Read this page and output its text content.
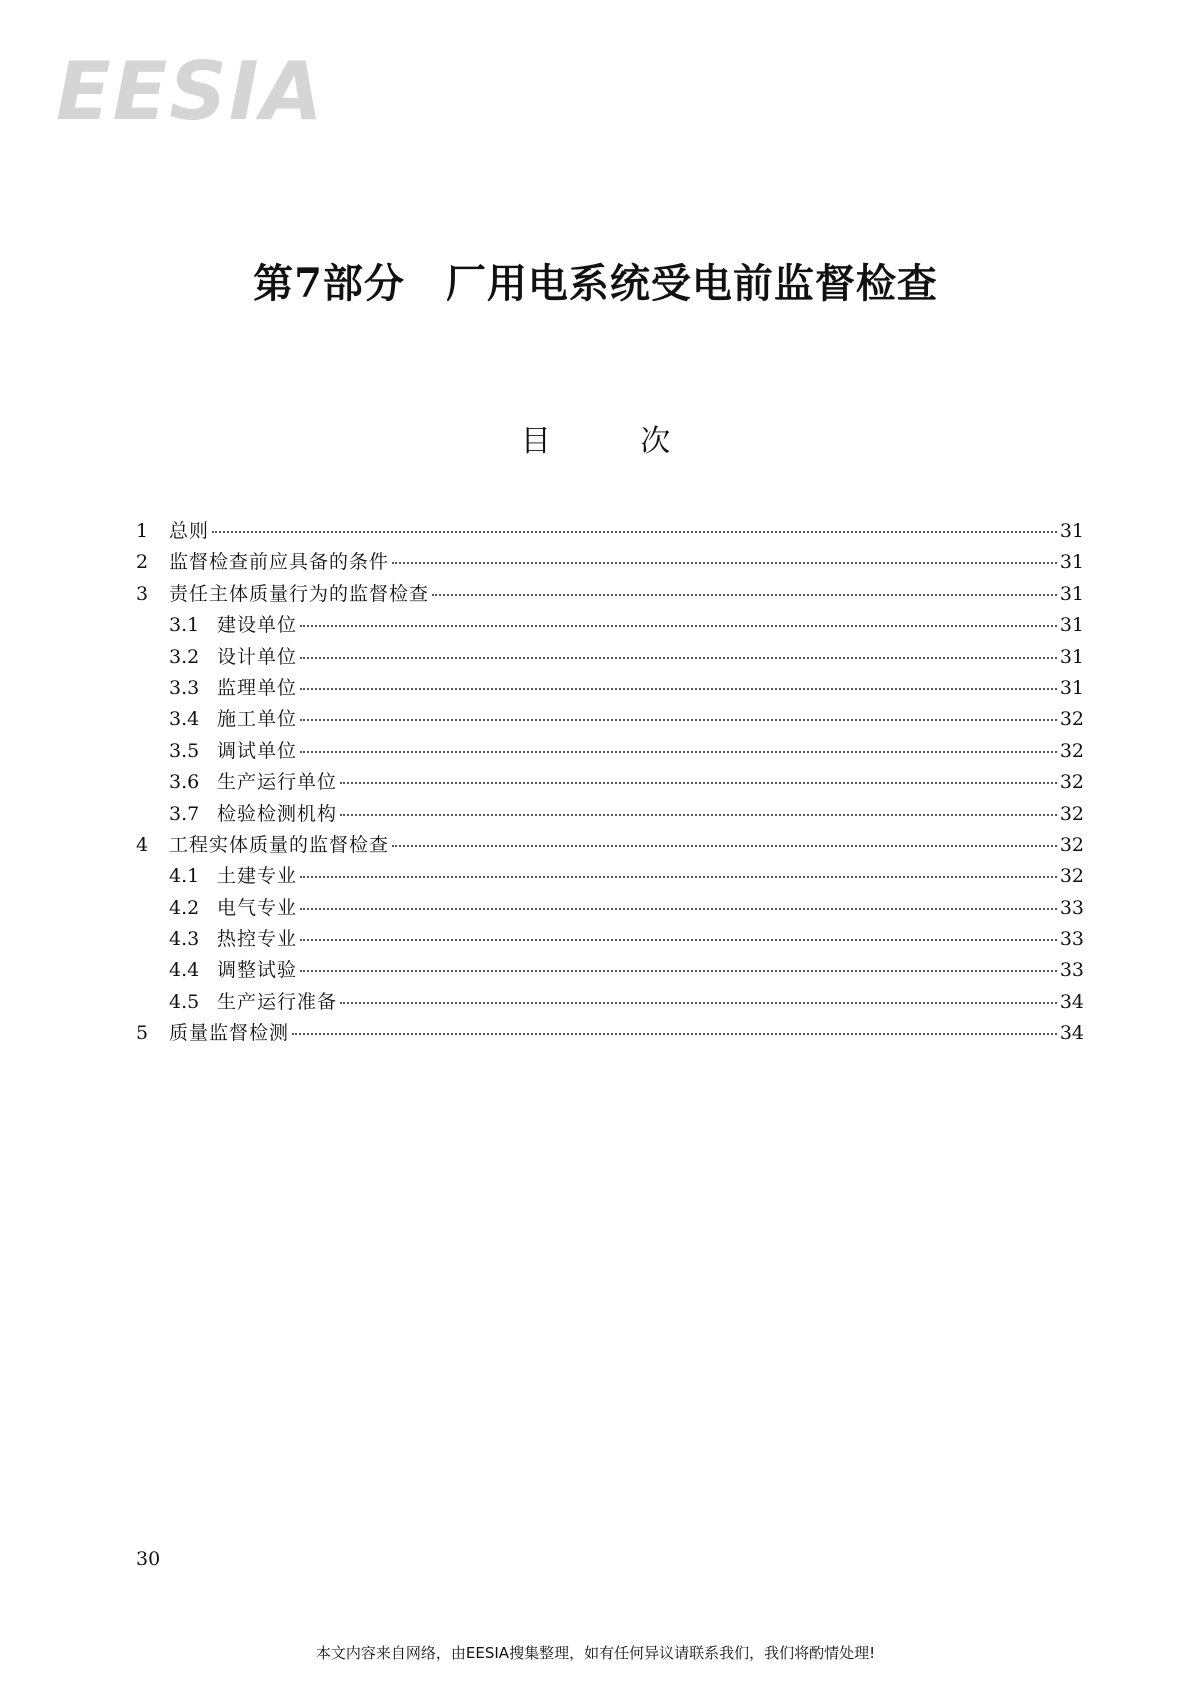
EESIA
第7部分　厂用电系统受电前监督检查
目 次
1	总则	31
2	监督检查前应具备的条件	31
3	责任主体质量行为的监督检查	31
3.1 建设单位	31
3.2 设计单位	31
3.3 监理单位	31
3.4 施工单位	32
3.5 调试单位	32
3.6 生产运行单位	32
3.7 检验检测机构	32
4	工程实体质量的监督检查	32
4.1 土建专业	32
4.2 电气专业	33
4.3 热控专业	33
4.4 调整试验	33
4.5 生产运行准备	34
5	质量监督检测	34
30
本文内容来自网络，由EESIA搜集整理，如有任何异议请联系我们，我们将酌情处理!
